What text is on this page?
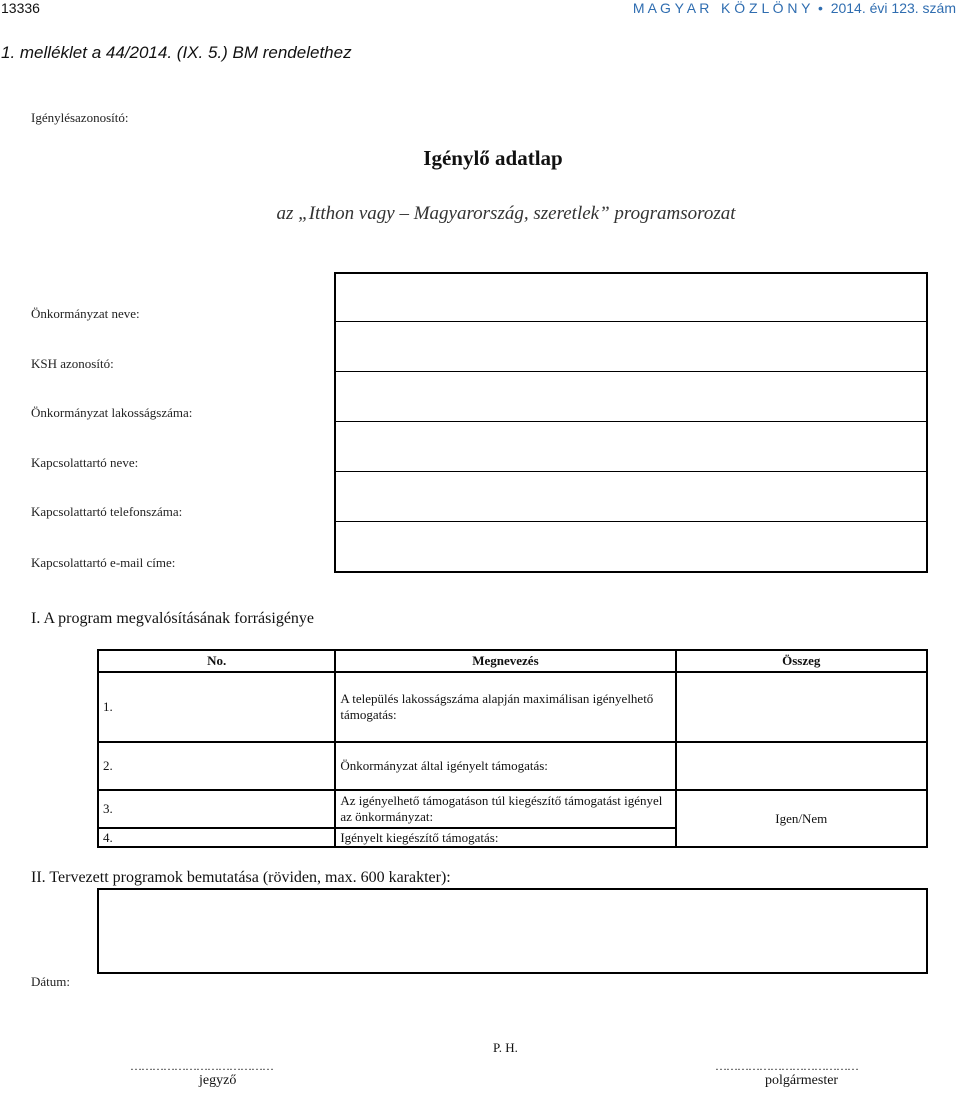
13336	M A G Y A R   K Ö Z L Ö N Y • 2014. évi 123. szám
1. melléklet a 44/2014. (IX. 5.) BM rendelethez
Igénylésazonosító:
Igénylő adatlap
az „Itthon vagy – Magyarország, szeretlek” programsorozat
Önkormányzat neve:
KSH azonosító:
Önkormányzat lakosságszáma:
Kapcsolattartó neve:
Kapcsolattartó telefonszáma:
Kapcsolattartó e-mail címe:
I. A program megvalósításának forrásigénye
No.	Megnevezés	Összeg
1.	A település lakosságszáma alapján maximálisan igényelhető támogatás:	
2.	Önkormányzat által igényelt támogatás:	
3.	Az igényelhető támogatáson túl kiegészítő támogatást igényel az önkormányzat:	Igen/Nem
4.	Igényelt kiegészítő támogatás:	
II. Tervezett programok bemutatása (röviden, max. 600 karakter):
Dátum:
P. H.
…………………………………
jegyző
…………………………………
polgármester
